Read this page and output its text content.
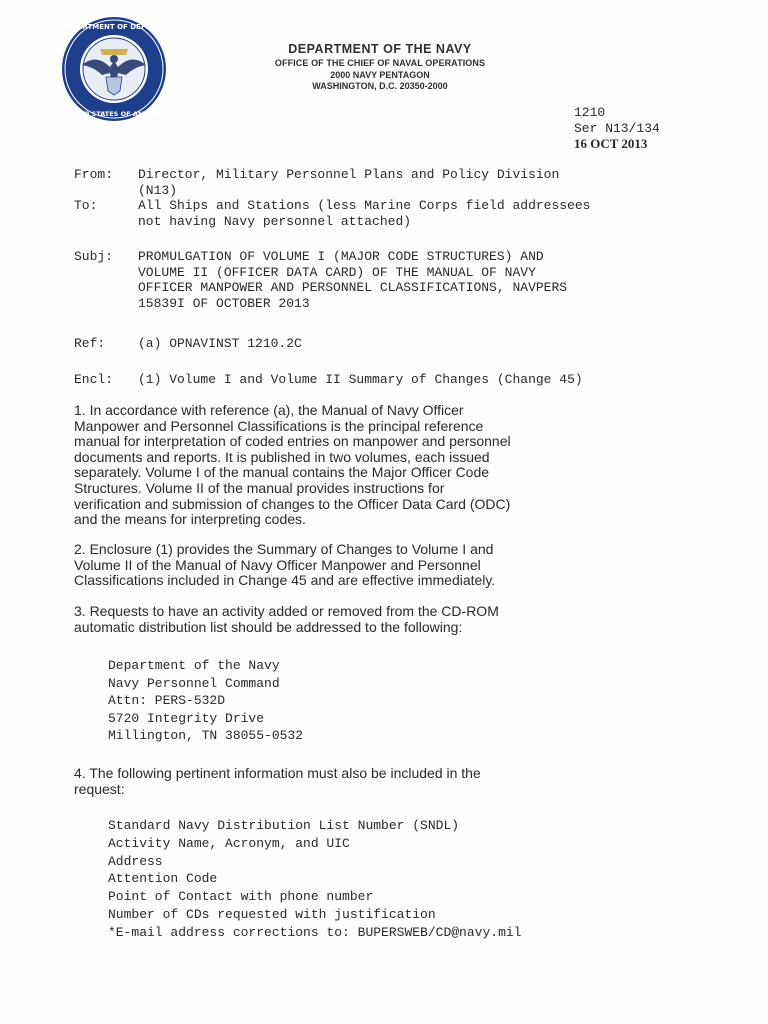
DEPARTMENT OF DEFENSE
UNITED STATES OF AMERICA
DEPARTMENT OF THE NAVY
OFFICE OF THE CHIEF OF NAVAL OPERATIONS
2000 NAVY PENTAGON
WASHINGTON, D.C. 20350-2000
1210
Ser N13/134
16 OCT 2013
From: Director, Military Personnel Plans and Policy Division
(N13)
To:	All Ships and Stations (less Marine Corps field addressees
not having Navy personnel attached)
Subj: PROMULGATION OF VOLUME I (MAJOR CODE STRUCTURES) AND
VOLUME II (OFFICER DATA CARD) OF THE MANUAL OF NAVY
OFFICER MANPOWER AND PERSONNEL CLASSIFICATIONS, NAVPERS
15839I OF OCTOBER 2013
Ref:	(a) OPNAVINST 1210.2C
Encl: (1) Volume I and Volume II Summary of Changes (Change 45)
1. In accordance with reference (a), the Manual of Navy Officer
Manpower and Personnel Classifications is the principal reference
manual for interpretation of coded entries on manpower and personnel
documents and reports. It is published in two volumes, each issued
separately. Volume I of the manual contains the Major Officer Code
Structures. Volume II of the manual provides instructions for
verification and submission of changes to the Officer Data Card (ODC)
and the means for interpreting codes.
2. Enclosure (1) provides the Summary of Changes to Volume I and
Volume II of the Manual of Navy Officer Manpower and Personnel
Classifications included in Change 45 and are effective immediately.
3. Requests to have an activity added or removed from the CD-ROM
automatic distribution list should be addressed to the following:
Department of the Navy
Navy Personnel Command
Attn: PERS-532D
5720 Integrity Drive
Millington, TN 38055-0532
4. The following pertinent information must also be included in the
request:
Standard Navy Distribution List Number (SNDL)
Activity Name, Acronym, and UIC
Address
Attention Code
Point of Contact with phone number
Number of CDs requested with justification
*E-mail address corrections to: BUPERSWEB/CD@navy.mil
